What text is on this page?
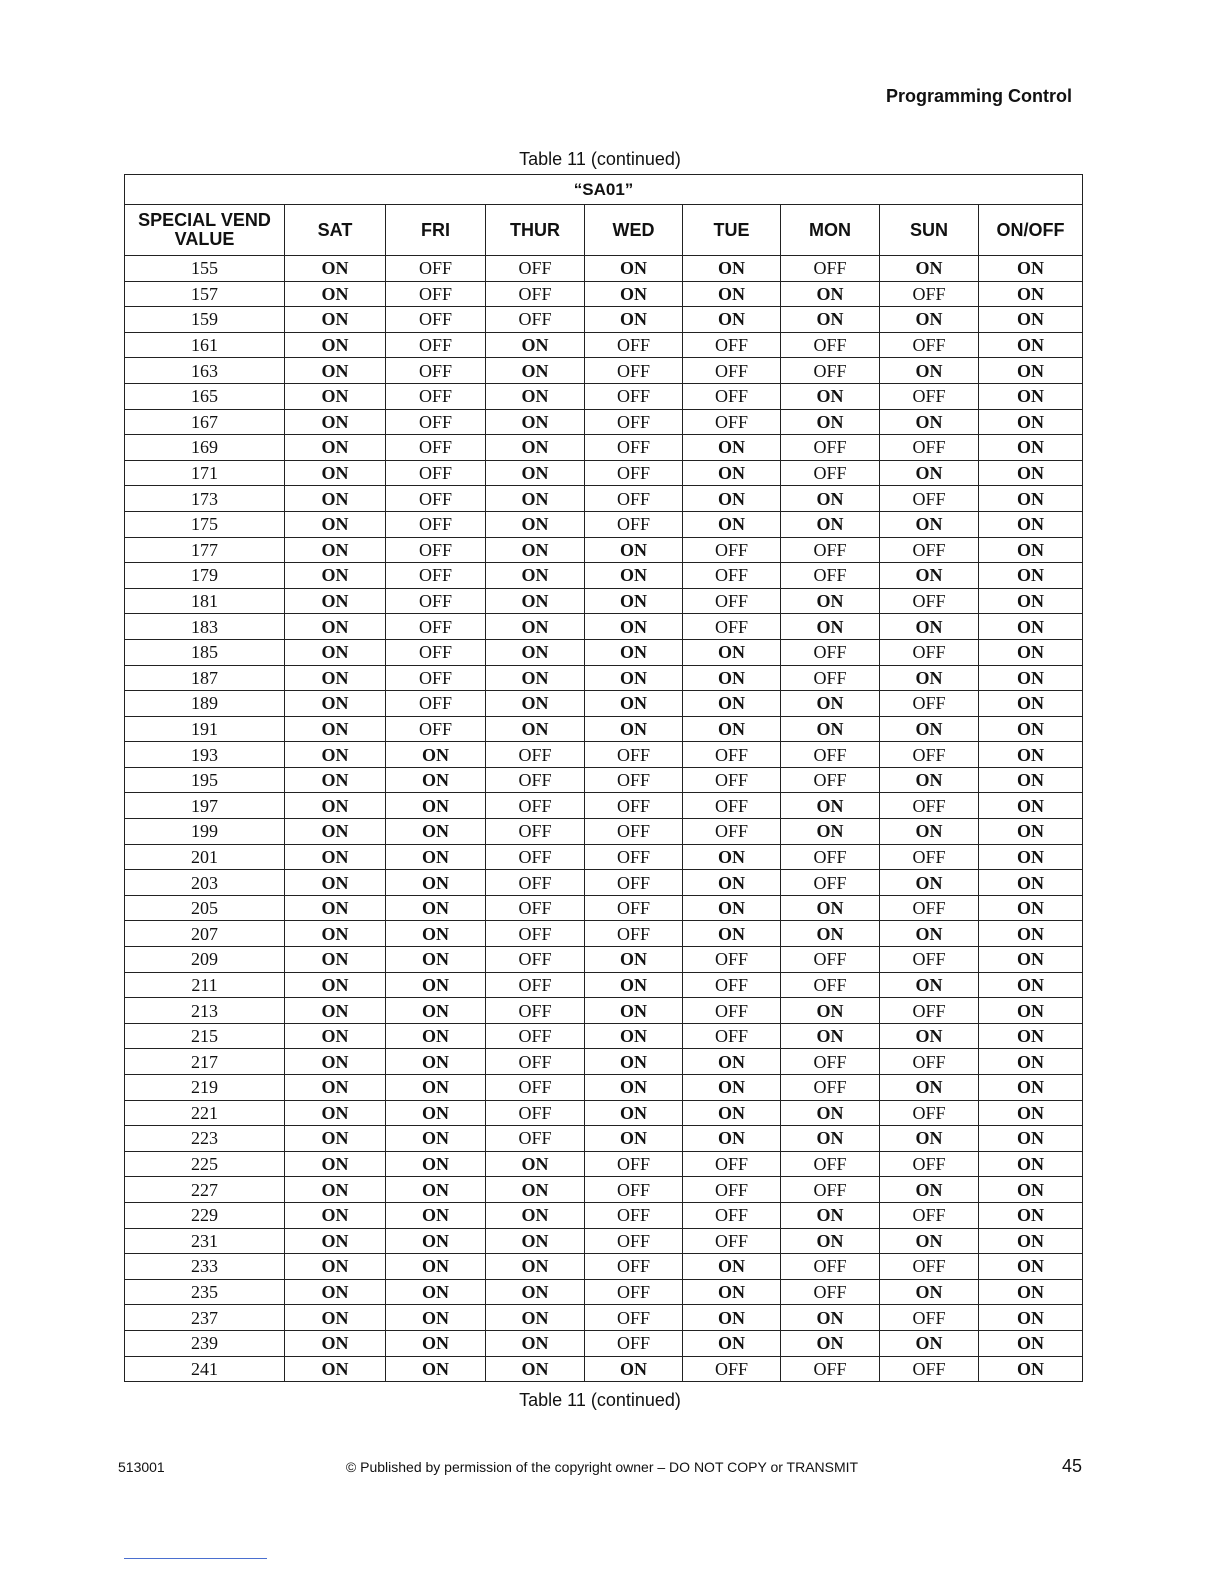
Programming Control
Table 11 (continued)
“SA01”								
SPECIAL VEND VALUE	SAT	FRI	THUR	WED	TUE	MON	SUN	ON/OFF
155	ON	OFF	OFF	ON	ON	OFF	ON	ON
157	ON	OFF	OFF	ON	ON	ON	OFF	ON
159	ON	OFF	OFF	ON	ON	ON	ON	ON
161	ON	OFF	ON	OFF	OFF	OFF	OFF	ON
163	ON	OFF	ON	OFF	OFF	OFF	ON	ON
165	ON	OFF	ON	OFF	OFF	ON	OFF	ON
167	ON	OFF	ON	OFF	OFF	ON	ON	ON
169	ON	OFF	ON	OFF	ON	OFF	OFF	ON
171	ON	OFF	ON	OFF	ON	OFF	ON	ON
173	ON	OFF	ON	OFF	ON	ON	OFF	ON
175	ON	OFF	ON	OFF	ON	ON	ON	ON
177	ON	OFF	ON	ON	OFF	OFF	OFF	ON
179	ON	OFF	ON	ON	OFF	OFF	ON	ON
181	ON	OFF	ON	ON	OFF	ON	OFF	ON
183	ON	OFF	ON	ON	OFF	ON	ON	ON
185	ON	OFF	ON	ON	ON	OFF	OFF	ON
187	ON	OFF	ON	ON	ON	OFF	ON	ON
189	ON	OFF	ON	ON	ON	ON	OFF	ON
191	ON	OFF	ON	ON	ON	ON	ON	ON
193	ON	ON	OFF	OFF	OFF	OFF	OFF	ON
195	ON	ON	OFF	OFF	OFF	OFF	ON	ON
197	ON	ON	OFF	OFF	OFF	ON	OFF	ON
199	ON	ON	OFF	OFF	OFF	ON	ON	ON
201	ON	ON	OFF	OFF	ON	OFF	OFF	ON
203	ON	ON	OFF	OFF	ON	OFF	ON	ON
205	ON	ON	OFF	OFF	ON	ON	OFF	ON
207	ON	ON	OFF	OFF	ON	ON	ON	ON
209	ON	ON	OFF	ON	OFF	OFF	OFF	ON
211	ON	ON	OFF	ON	OFF	OFF	ON	ON
213	ON	ON	OFF	ON	OFF	ON	OFF	ON
215	ON	ON	OFF	ON	OFF	ON	ON	ON
217	ON	ON	OFF	ON	ON	OFF	OFF	ON
219	ON	ON	OFF	ON	ON	OFF	ON	ON
221	ON	ON	OFF	ON	ON	ON	OFF	ON
223	ON	ON	OFF	ON	ON	ON	ON	ON
225	ON	ON	ON	OFF	OFF	OFF	OFF	ON
227	ON	ON	ON	OFF	OFF	OFF	ON	ON
229	ON	ON	ON	OFF	OFF	ON	OFF	ON
231	ON	ON	ON	OFF	OFF	ON	ON	ON
233	ON	ON	ON	OFF	ON	OFF	OFF	ON
235	ON	ON	ON	OFF	ON	OFF	ON	ON
237	ON	ON	ON	OFF	ON	ON	OFF	ON
239	ON	ON	ON	OFF	ON	ON	ON	ON
241	ON	ON	ON	ON	OFF	OFF	OFF	ON
Table 11 (continued)
513001	© Published by permission of the copyright owner – DO NOT COPY or TRANSMIT	45
